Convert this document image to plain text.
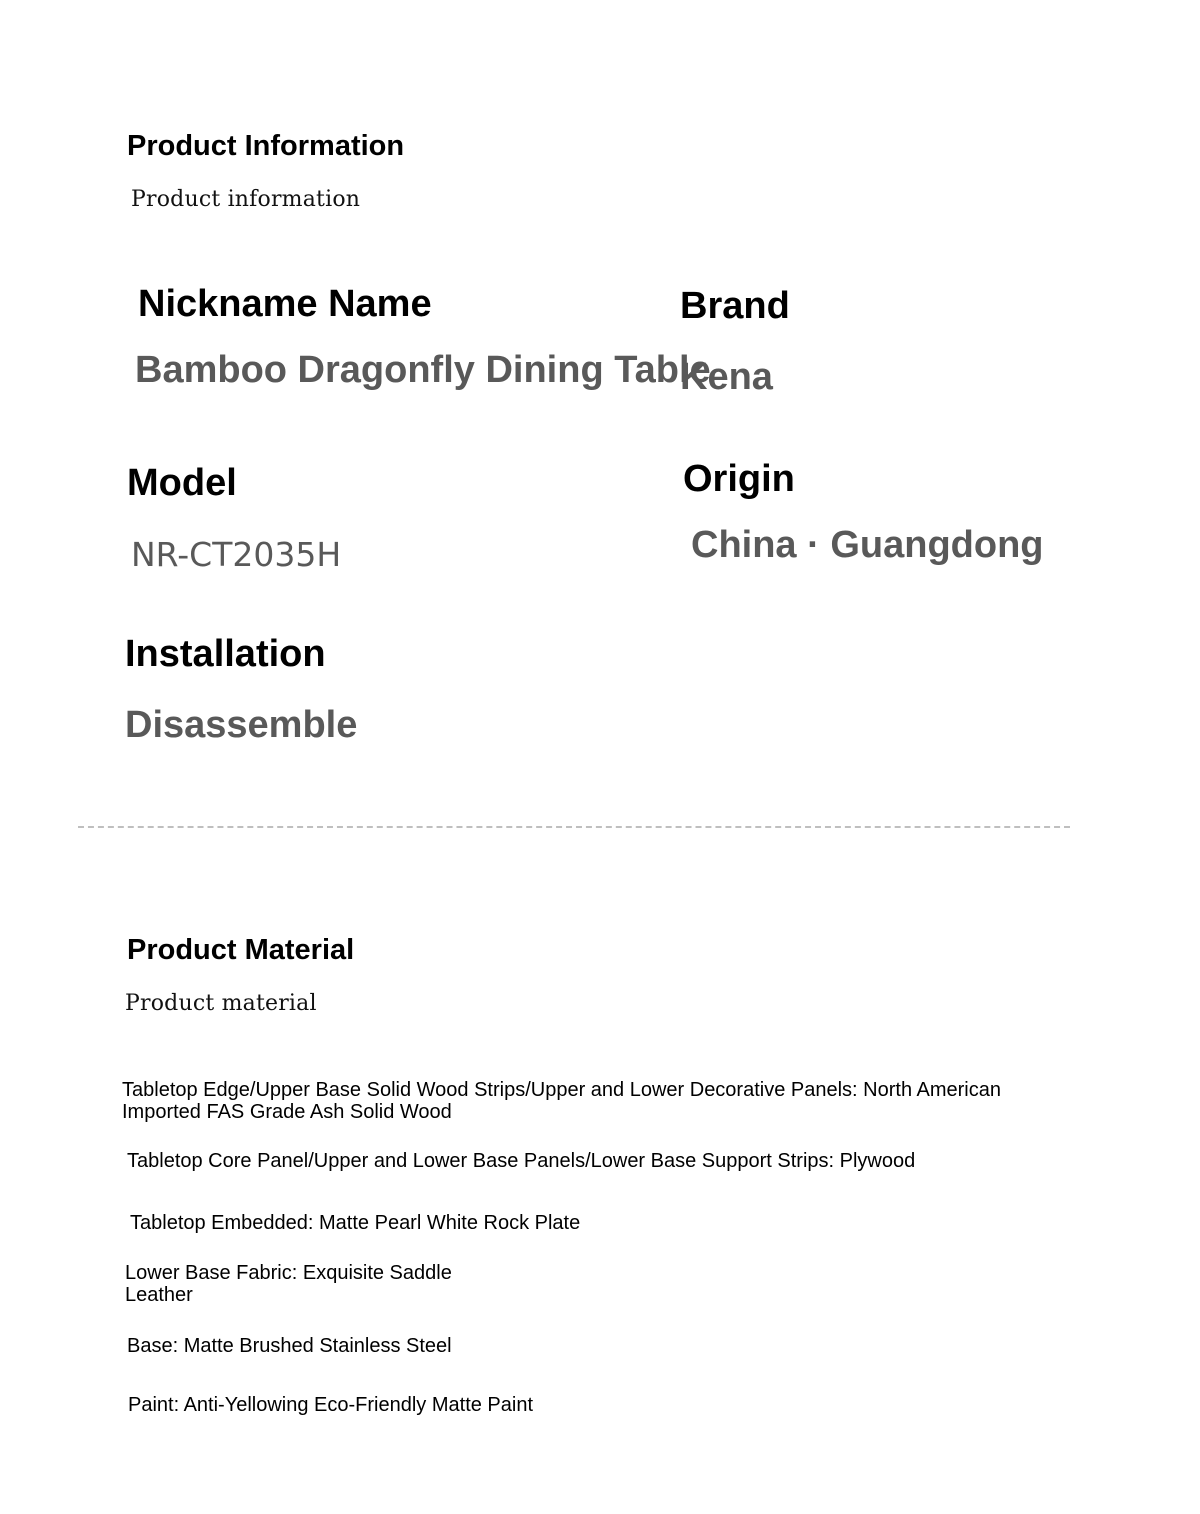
Product Information
Product information
Nickname Name
Bamboo Dragonfly Dining Table
Brand
Kena
Model
NR-CT2035H
Origin
China · Guangdong
Installation
Disassemble
Product Material
Product material
Tabletop Edge/Upper Base Solid Wood Strips/Upper and Lower Decorative Panels: North American Imported FAS Grade Ash Solid Wood
Tabletop Core Panel/Upper and Lower Base Panels/Lower Base Support Strips: Plywood
Tabletop Embedded: Matte Pearl White Rock Plate
Lower Base Fabric: Exquisite Saddle Leather
Base: Matte Brushed Stainless Steel
Paint: Anti-Yellowing Eco-Friendly Matte Paint
